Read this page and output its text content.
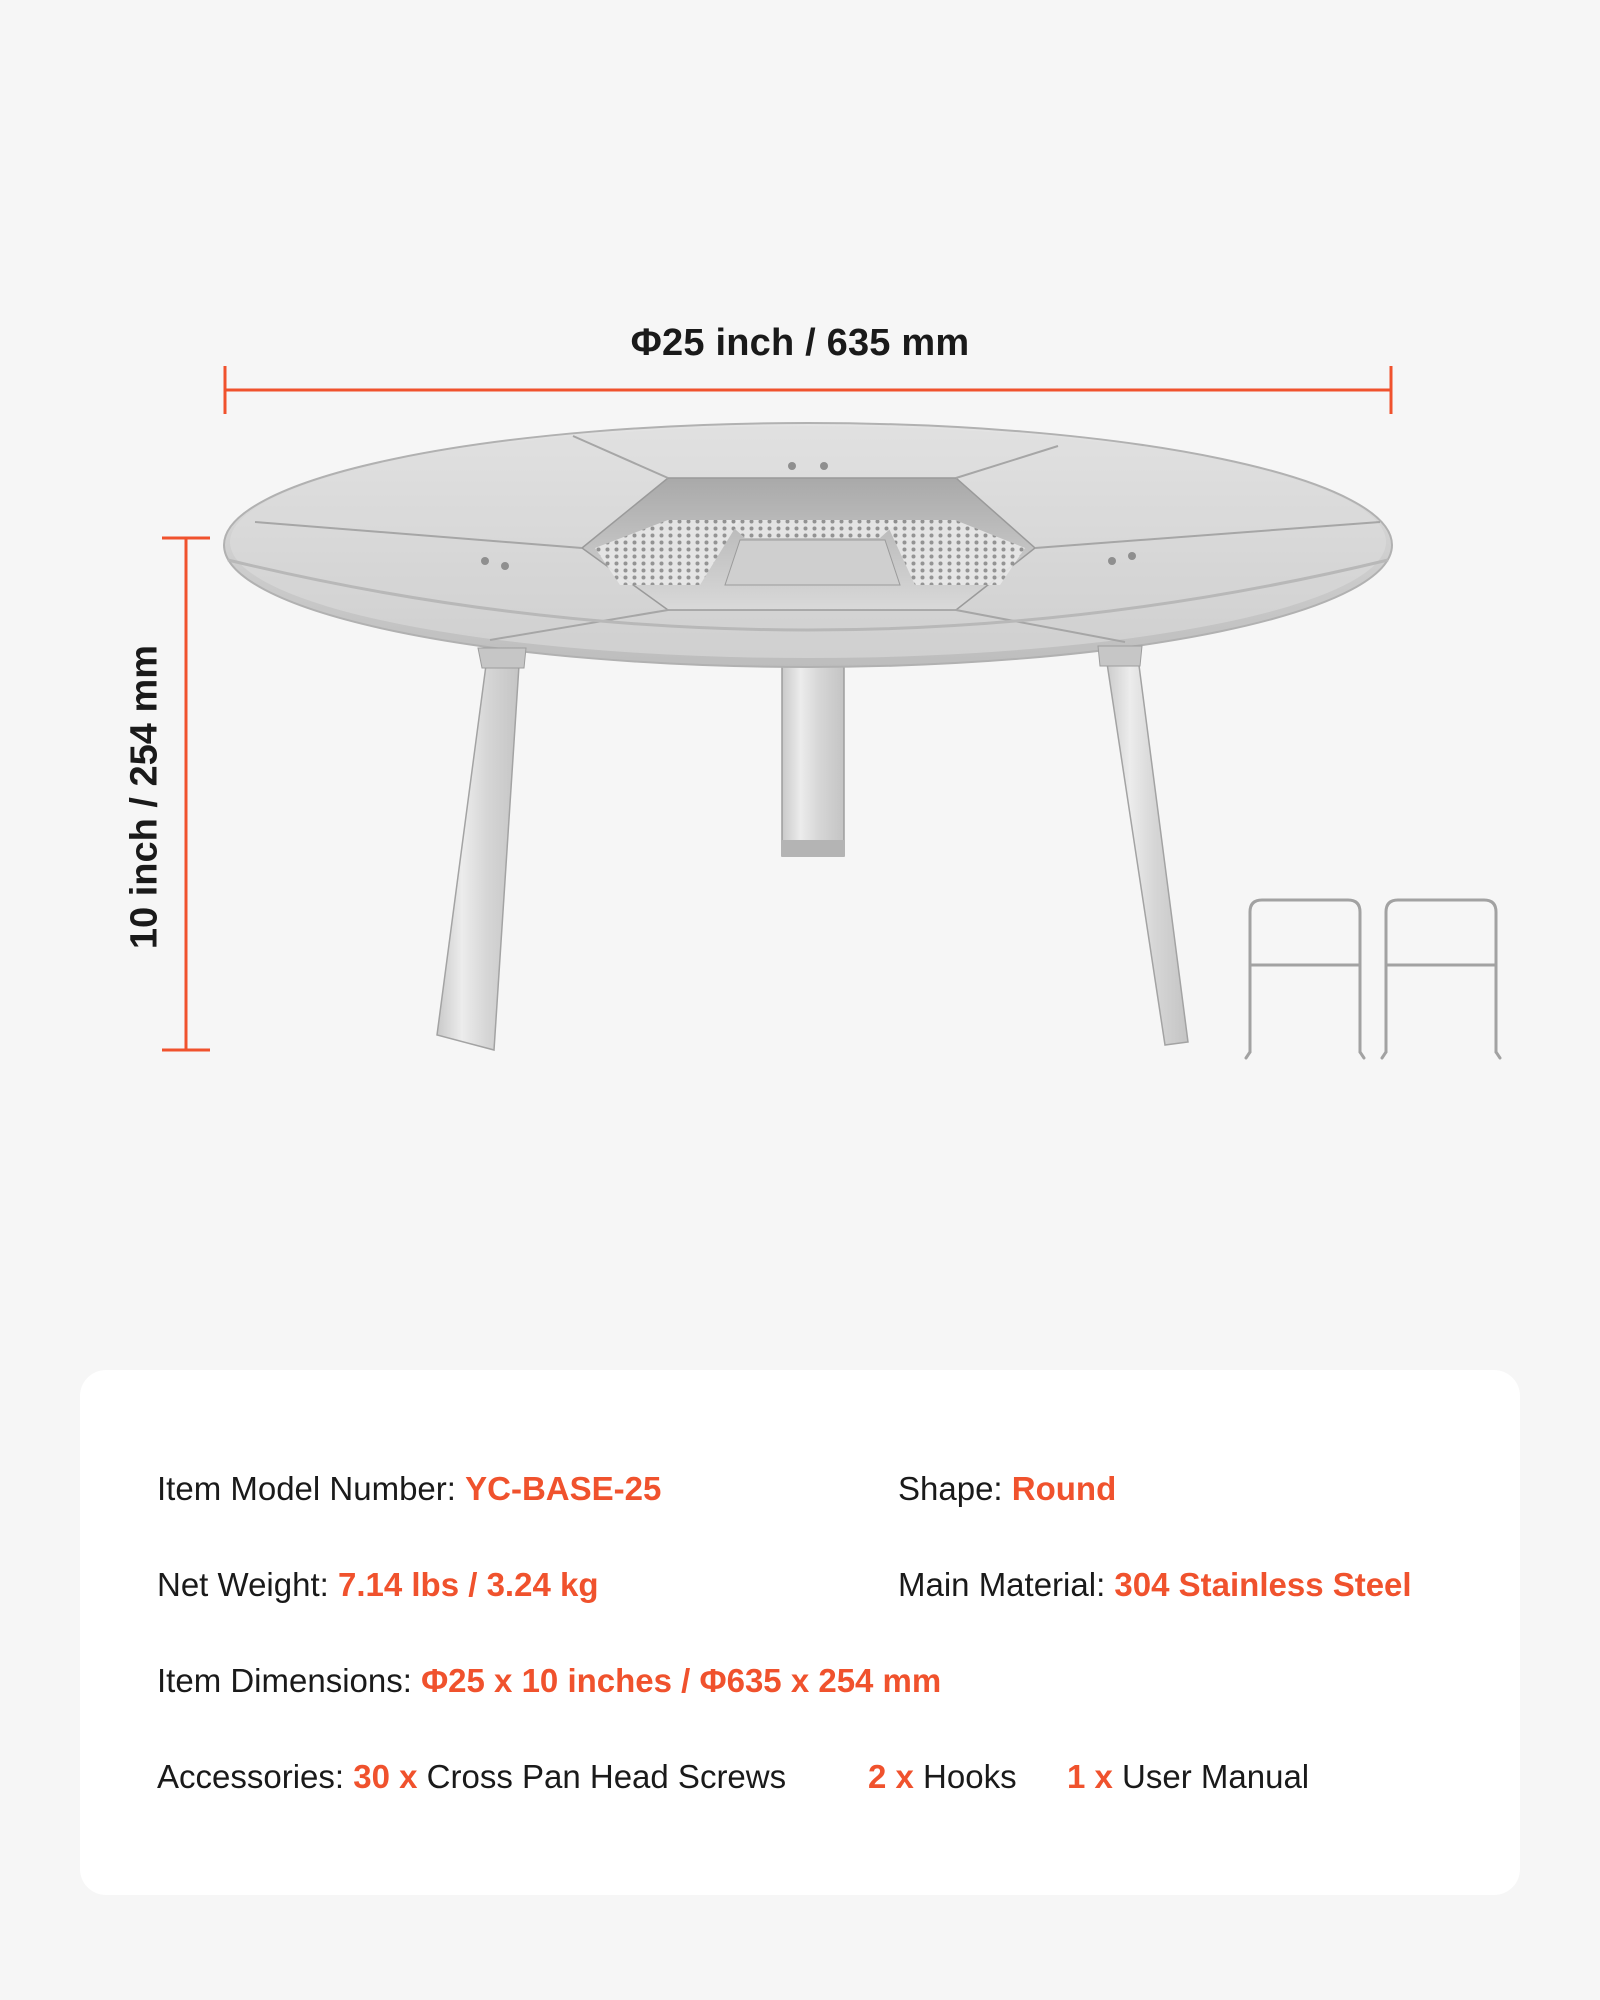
Φ25 inch / 635 mm
10 inch / 254 mm
Item Model Number: YC-BASE-25	Shape: Round
Net Weight: 7.14 lbs / 3.24 kg	Main Material: 304 Stainless Steel
Item Dimensions: Φ25 x 10 inches / Φ635 x 254 mm
Accessories: 30 x Cross Pan Head Screws 2 x Hooks 1 x User Manual
